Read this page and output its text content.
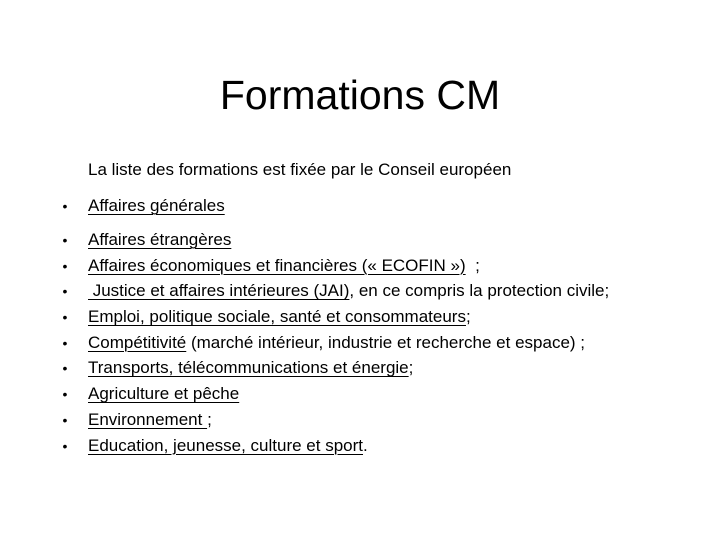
Formations CM

La liste des formations est fixée par le Conseil européen

• Affaires générales
• Affaires étrangères
• Affaires économiques et financières (« ECOFIN »)  ;
• Justice et affaires intérieures (JAI), en ce compris la protection civile;
• Emploi, politique sociale, santé et consommateurs;
• Compétitivité (marché intérieur, industrie et recherche et espace) ;
• Transports, télécommunications et énergie;
• Agriculture et pêche
• Environnement ;
• Education, jeunesse, culture et sport.
